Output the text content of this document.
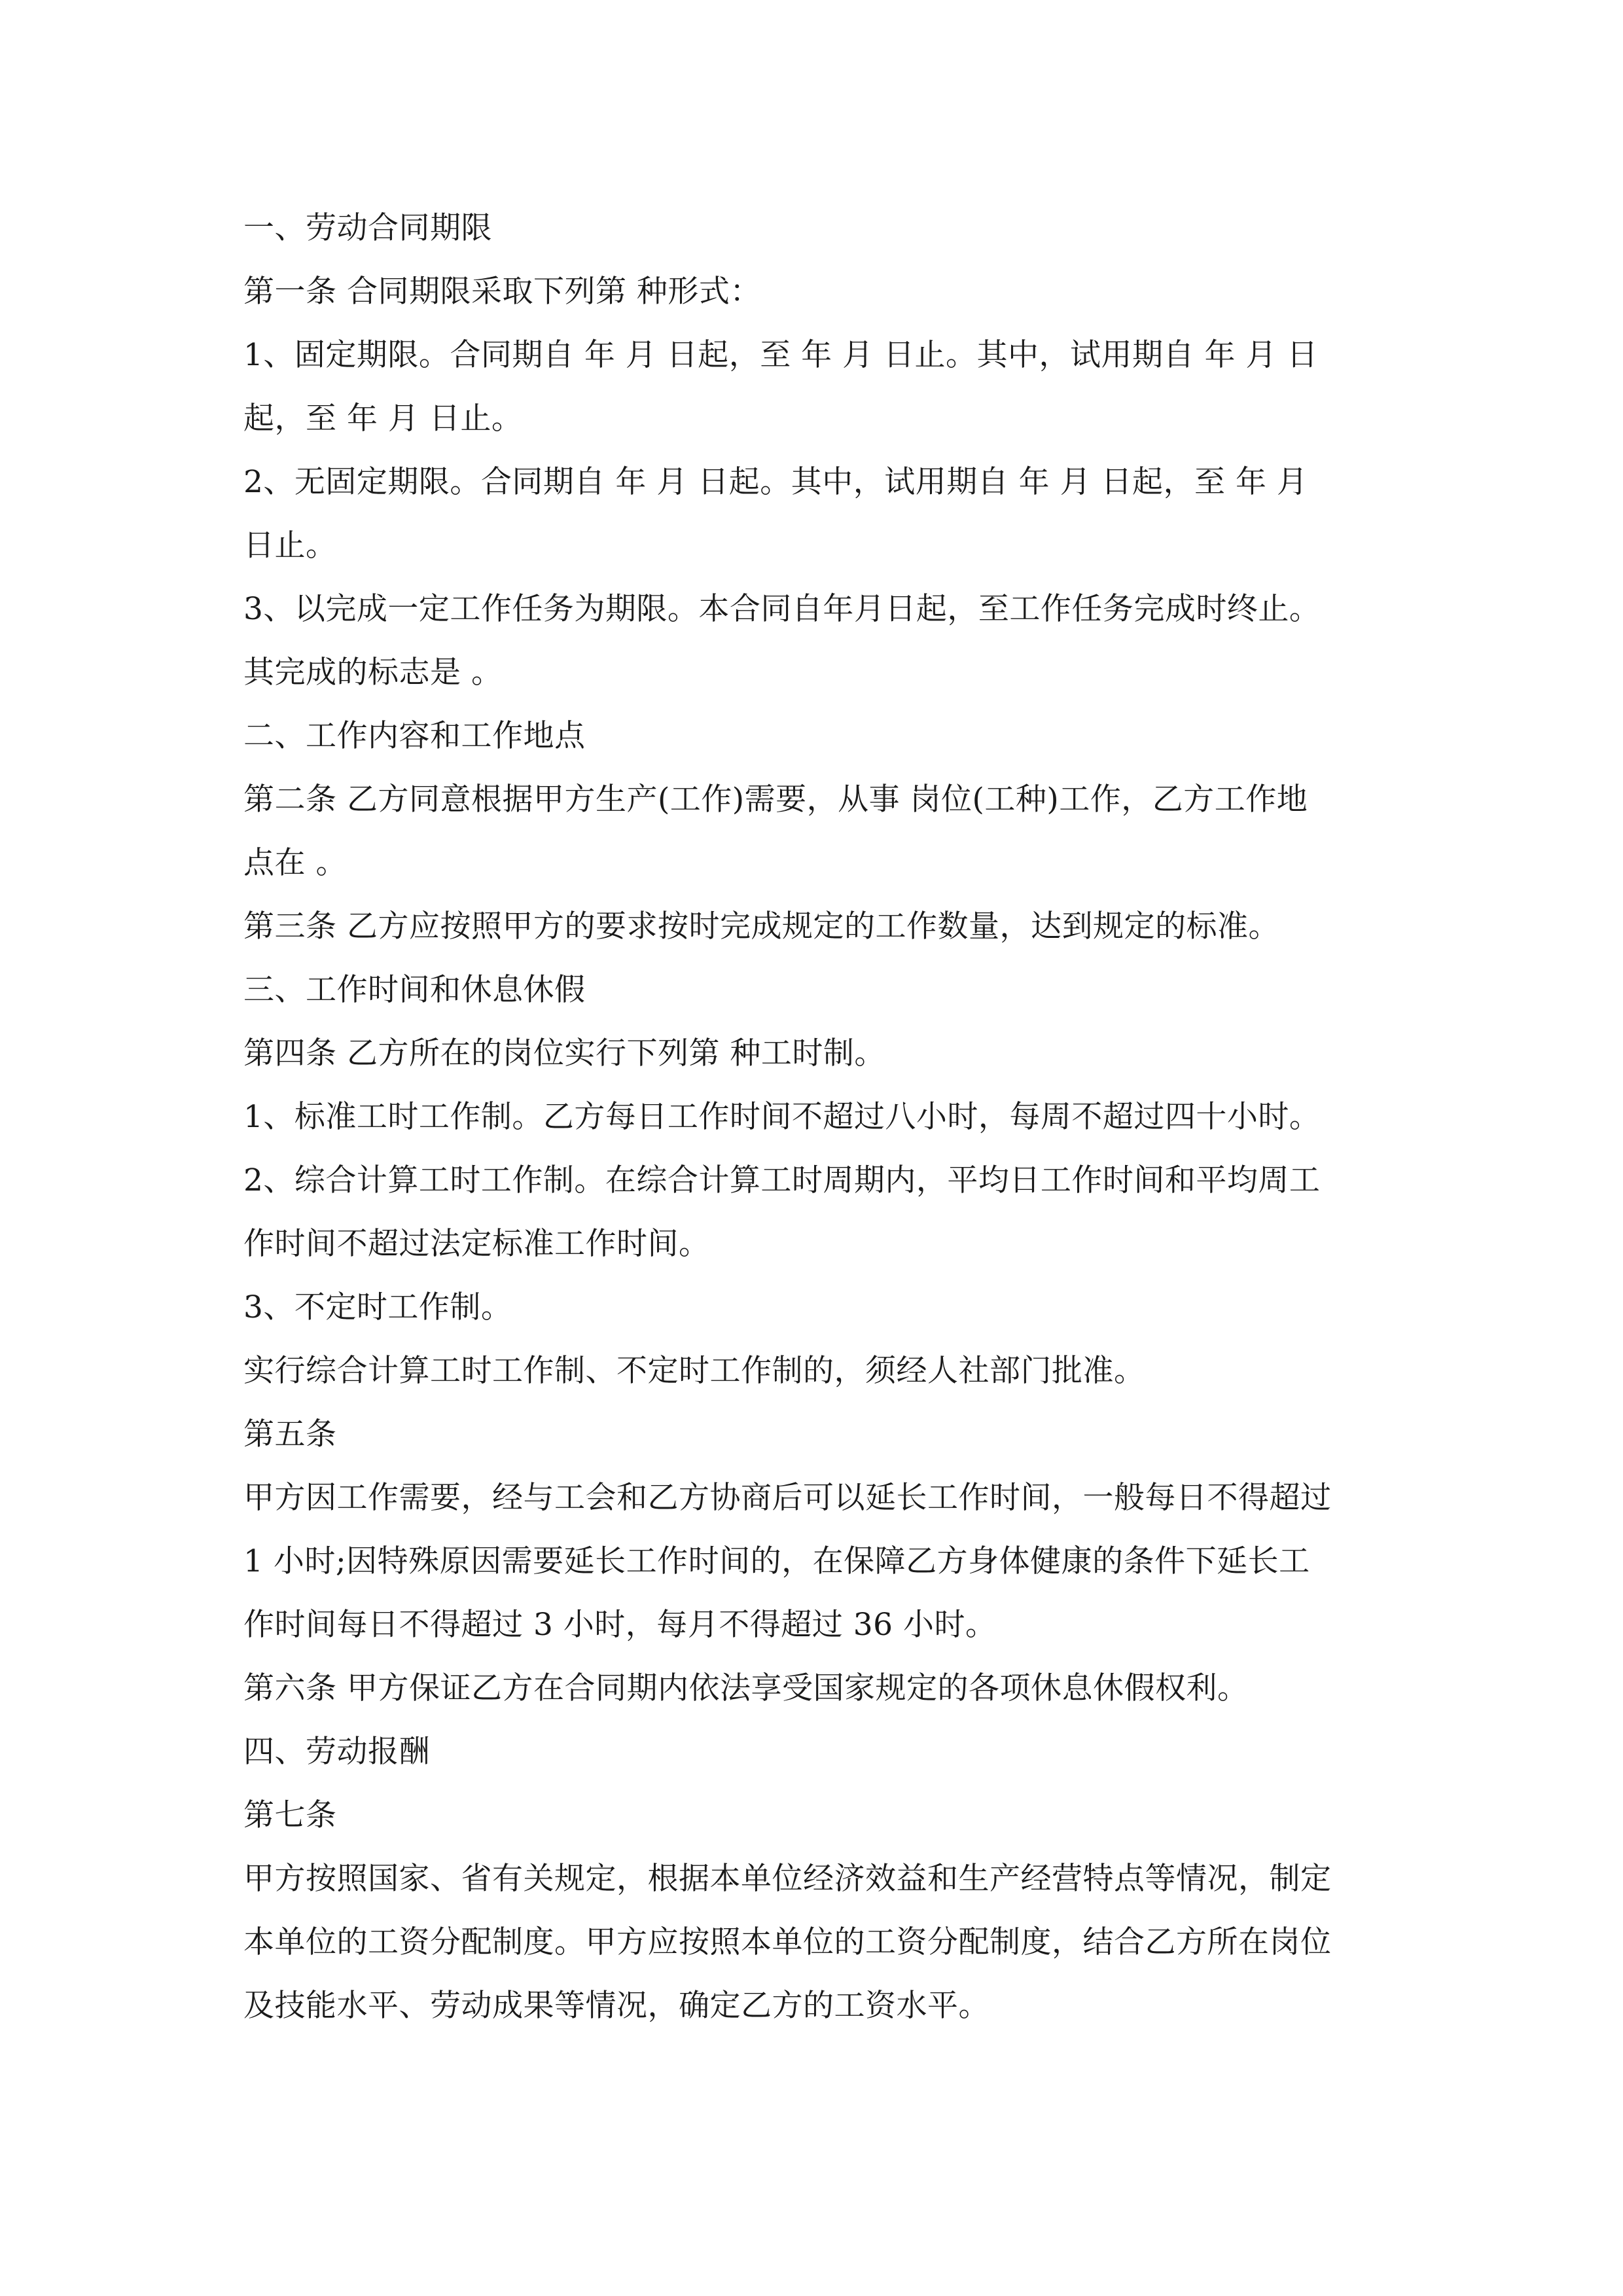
一、劳动合同期限
第一条 合同期限采取下列第 种形式：
1、固定期限。合同期自 年 月 日起，至 年 月 日止。其中，试用期自 年 月 日
起，至 年 月 日止。
2、无固定期限。合同期自 年 月 日起。其中，试用期自 年 月 日起，至 年 月
日止。
3、以完成一定工作任务为期限。本合同自年月日起，至工作任务完成时终止。
其完成的标志是 。
二、工作内容和工作地点
第二条 乙方同意根据甲方生产(工作)需要，从事 岗位(工种)工作，乙方工作地
点在 。
第三条 乙方应按照甲方的要求按时完成规定的工作数量，达到规定的标准。
三、工作时间和休息休假
第四条 乙方所在的岗位实行下列第 种工时制。
1、标准工时工作制。乙方每日工作时间不超过八小时，每周不超过四十小时。
2、综合计算工时工作制。在综合计算工时周期内，平均日工作时间和平均周工
作时间不超过法定标准工作时间。
3、不定时工作制。
实行综合计算工时工作制、不定时工作制的，须经人社部门批准。
第五条
甲方因工作需要，经与工会和乙方协商后可以延长工作时间，一般每日不得超过
1 小时;因特殊原因需要延长工作时间的，在保障乙方身体健康的条件下延长工
作时间每日不得超过 3 小时，每月不得超过 36 小时。
第六条 甲方保证乙方在合同期内依法享受国家规定的各项休息休假权利。
四、劳动报酬
第七条
甲方按照国家、省有关规定，根据本单位经济效益和生产经营特点等情况，制定
本单位的工资分配制度。甲方应按照本单位的工资分配制度，结合乙方所在岗位
及技能水平、劳动成果等情况，确定乙方的工资水平。
